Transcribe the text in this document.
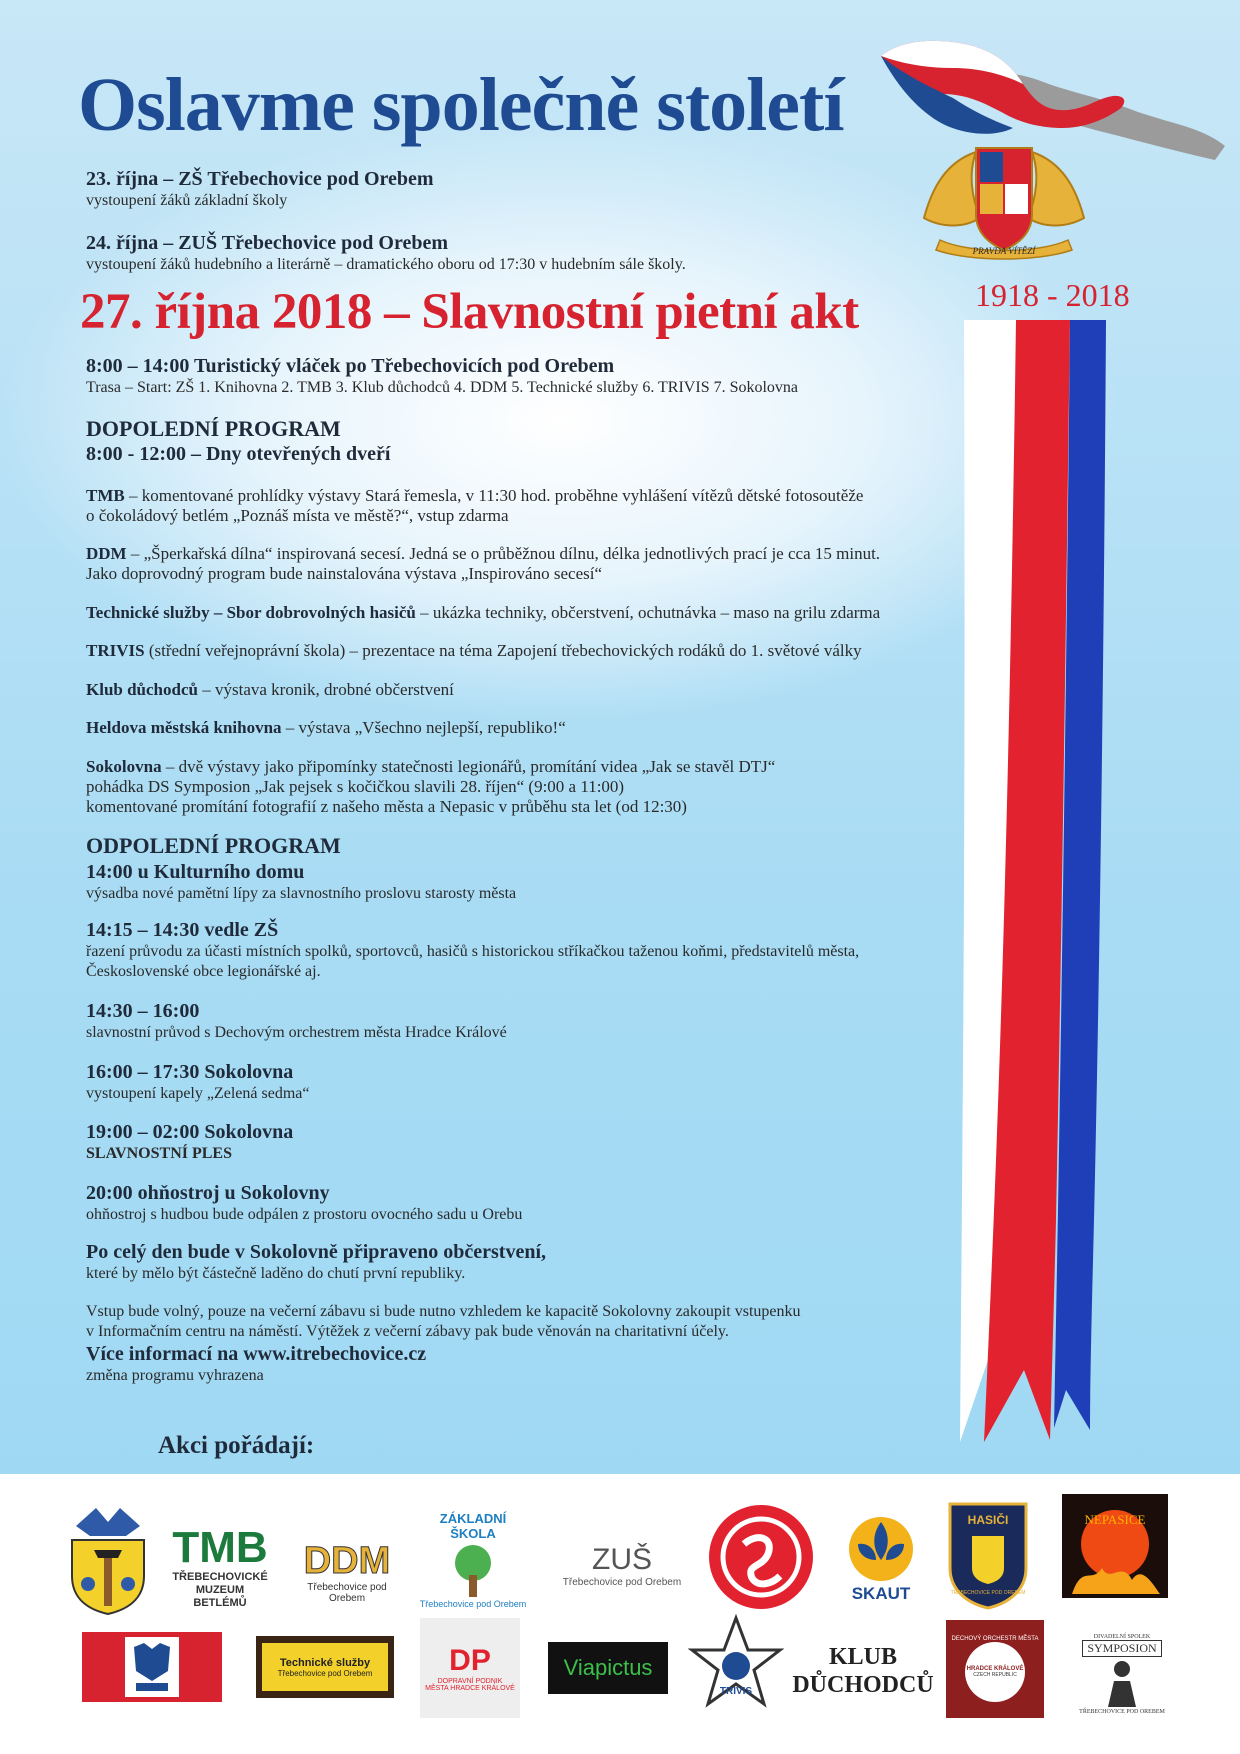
Oslavme společně století
23. října – ZŠ Třebechovice pod Orebem
vystoupení žáků základní školy
24. října – ZUŠ Třebechovice pod Orebem
vystoupení žáků hudebního a literárně – dramatického oboru od 17:30 v hudebním sále školy.
27. října 2018 – Slavnostní pietní akt
8:00 – 14:00 Turistický vláček po Třebechovicích pod Orebem
Trasa – Start: ZŠ 1. Knihovna 2. TMB 3. Klub důchodců 4. DDM 5. Technické služby 6. TRIVIS 7. Sokolovna
DOPOLEDNÍ PROGRAM
8:00 - 12:00 – Dny otevřených dveří
TMB – komentované prohlídky výstavy Stará řemesla, v 11:30 hod. proběhne vyhlášení vítězů dětské fotosoutěže
o čokoládový betlém „Poznáš místa ve městě?“, vstup zdarma
DDM – „Šperkařská dílna“ inspirovaná secesí. Jedná se o průběžnou dílnu, délka jednotlivých prací je cca 15 minut.
Jako doprovodný program bude nainstalována výstava „Inspirováno secesí“
Technické služby – Sbor dobrovolných hasičů – ukázka techniky, občerstvení, ochutnávka – maso na grilu zdarma
TRIVIS (střední veřejnoprávní škola) – prezentace na téma Zapojení třebechovických rodáků do 1. světové války
Klub důchodců – výstava kronik, drobné občerstvení
Heldova městská knihovna – výstava „Všechno nejlepší, republiko!“
Sokolovna – dvě výstavy jako připomínky statečnosti legionářů, promítání videa „Jak se stavěl DTJ“
pohádka DS Symposion „Jak pejsek s kočičkou slavili 28. říjen“ (9:00 a 11:00)
komentované promítání fotografií z našeho města a Nepasic v průběhu sta let (od 12:30)
ODPOLEDNÍ PROGRAM
14:00 u Kulturního domu
výsadba nové pamětní lípy za slavnostního proslovu starosty města
14:15 – 14:30 vedle ZŠ
řazení průvodu za účasti místních spolků, sportovců, hasičů s historickou stříkačkou taženou koňmi, představitelů města,
Československé obce legionářské aj.
14:30 – 16:00
slavnostní průvod s Dechovým orchestrem města Hradce Králové
16:00 – 17:30 Sokolovna
vystoupení kapely „Zelená sedma“
19:00 – 02:00 Sokolovna
SLAVNOSTNÍ PLES
20:00 ohňostroj u Sokolovny
ohňostroj s hudbou bude odpálen z prostoru ovocného sadu u Orebu
Po celý den bude v Sokolovně připraveno občerstvení,
které by mělo být částečně laděno do chutí první republiky.
Vstup bude volný, pouze na večerní zábavu si bude nutno vzhledem ke kapacitě Sokolovny zakoupit vstupenku
v Informačním centru na náměstí. Výtěžek z večerní zábavy pak bude věnován na charitativní účely.
Více informací na www.itrebechovice.cz
změna programu vyhrazena
PRAVDA VÍTĚZÍ
1918 - 2018
Akci pořádají:
TMB
TŘEBECHOVICKÉ
MUZEUM
BETLÉMŮ
DDM
Třebechovice pod Orebem
ZÁKLADNÍ ŠKOLA
Třebechovice pod Orebem
ZUŠ
Třebechovice pod Orebem
SKAUT
HASIČI
TŘEBECHOVICE POD OREBEM
NEPASICE
Technické služby
Třebechovice pod Orebem	DP
DOPRAVNÍ PODNIK
MĚSTA HRADCE KRÁLOVÉ
Viapictus
TRIVIS
KLUB
DŮCHODCŮ
DECHOVÝ ORCHESTR MĚSTA
HRADCE KRÁLOVÉ
CZECH REPUBLIC
DIVADELNÍ SPOLEK
SYMPOSION
TŘEBECHOVICE POD OREBEM
